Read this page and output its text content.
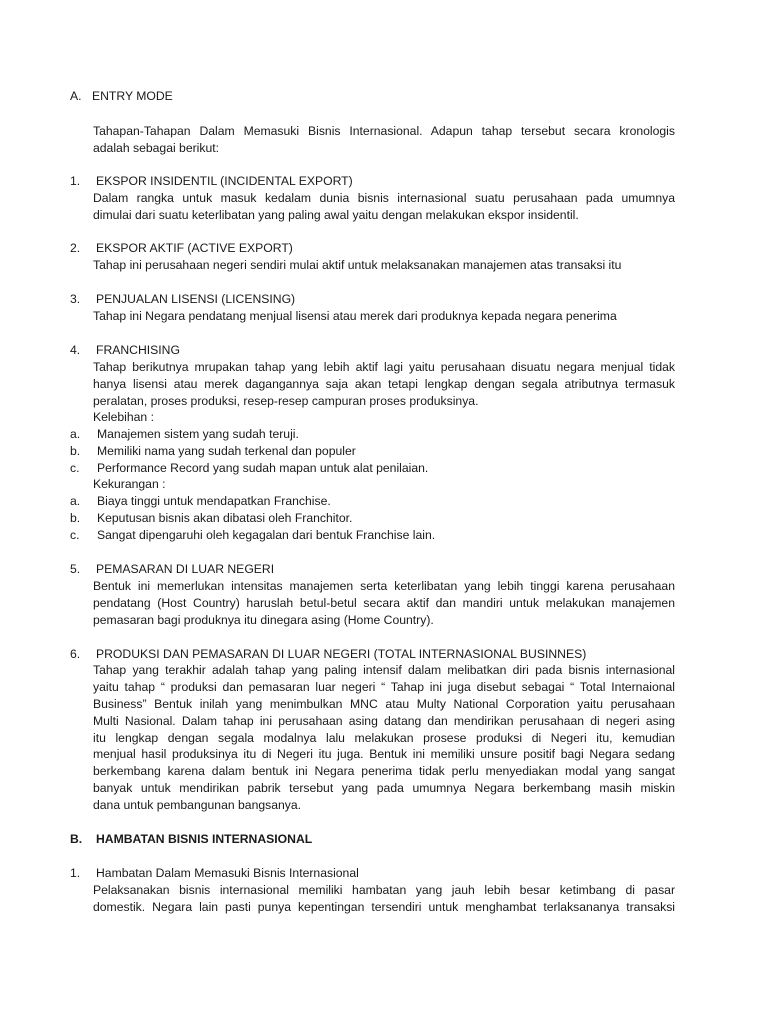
A. ENTRY MODE
Tahapan-Tahapan Dalam Memasuki Bisnis Internasional. Adapun tahap tersebut secara kronologis
adalah sebagai berikut:
1. EKSPOR INSIDENTIL (INCIDENTAL EXPORT)
Dalam rangka untuk masuk kedalam dunia bisnis internasional suatu perusahaan pada umumnya
dimulai dari suatu keterlibatan yang paling awal yaitu dengan melakukan ekspor insidentil.
2. EKSPOR AKTIF (ACTIVE EXPORT)
Tahap ini perusahaan negeri sendiri mulai aktif untuk melaksanakan manajemen atas transaksi itu
3. PENJUALAN LISENSI (LICENSING)
Tahap ini Negara pendatang menjual lisensi atau merek dari produknya kepada negara penerima
4. FRANCHISING
Tahap berikutnya mrupakan tahap yang lebih aktif lagi yaitu perusahaan disuatu negara menjual tidak
hanya lisensi atau merek dagangannya saja akan tetapi lengkap dengan segala atributnya termasuk
peralatan, proses produksi, resep-resep campuran proses produksinya.
Kelebihan :
a. Manajemen sistem yang sudah teruji.
b. Memiliki nama yang sudah terkenal dan populer
c. Performance Record yang sudah mapan untuk alat penilaian.
Kekurangan :
a. Biaya tinggi untuk mendapatkan Franchise.
b. Keputusan bisnis akan dibatasi oleh Franchitor.
c. Sangat dipengaruhi oleh kegagalan dari bentuk Franchise lain.
5. PEMASARAN DI LUAR NEGERI
Bentuk ini memerlukan intensitas manajemen serta keterlibatan yang lebih tinggi karena perusahaan
pendatang (Host Country) haruslah betul-betul secara aktif dan mandiri untuk melakukan manajemen
pemasaran bagi produknya itu dinegara asing (Home Country).
6. PRODUKSI DAN PEMASARAN DI LUAR NEGERI (TOTAL INTERNASIONAL BUSINNES)
Tahap yang terakhir adalah tahap yang paling intensif dalam melibatkan diri pada bisnis internasional
yaitu tahap “ produksi dan pemasaran luar negeri “ Tahap ini juga disebut sebagai “ Total Internaional
Business” Bentuk inilah yang menimbulkan MNC atau Multy National Corporation yaitu perusahaan
Multi Nasional. Dalam tahap ini perusahaan asing datang dan mendirikan perusahaan di negeri asing
itu lengkap dengan segala modalnya lalu melakukan prosese produksi di Negeri itu, kemudian
menjual hasil produksinya itu di Negeri itu juga. Bentuk ini memiliki unsure positif bagi Negara sedang
berkembang karena dalam bentuk ini Negara penerima tidak perlu menyediakan modal yang sangat
banyak untuk mendirikan pabrik tersebut yang pada umumnya Negara berkembang masih miskin
dana untuk pembangunan bangsanya.
B. HAMBATAN BISNIS INTERNASIONAL
1. Hambatan Dalam Memasuki Bisnis Internasional
Pelaksanakan bisnis internasional memiliki hambatan yang jauh lebih besar ketimbang di pasar
domestik. Negara lain pasti punya kepentingan tersendiri untuk menghambat terlaksananya transaksi
